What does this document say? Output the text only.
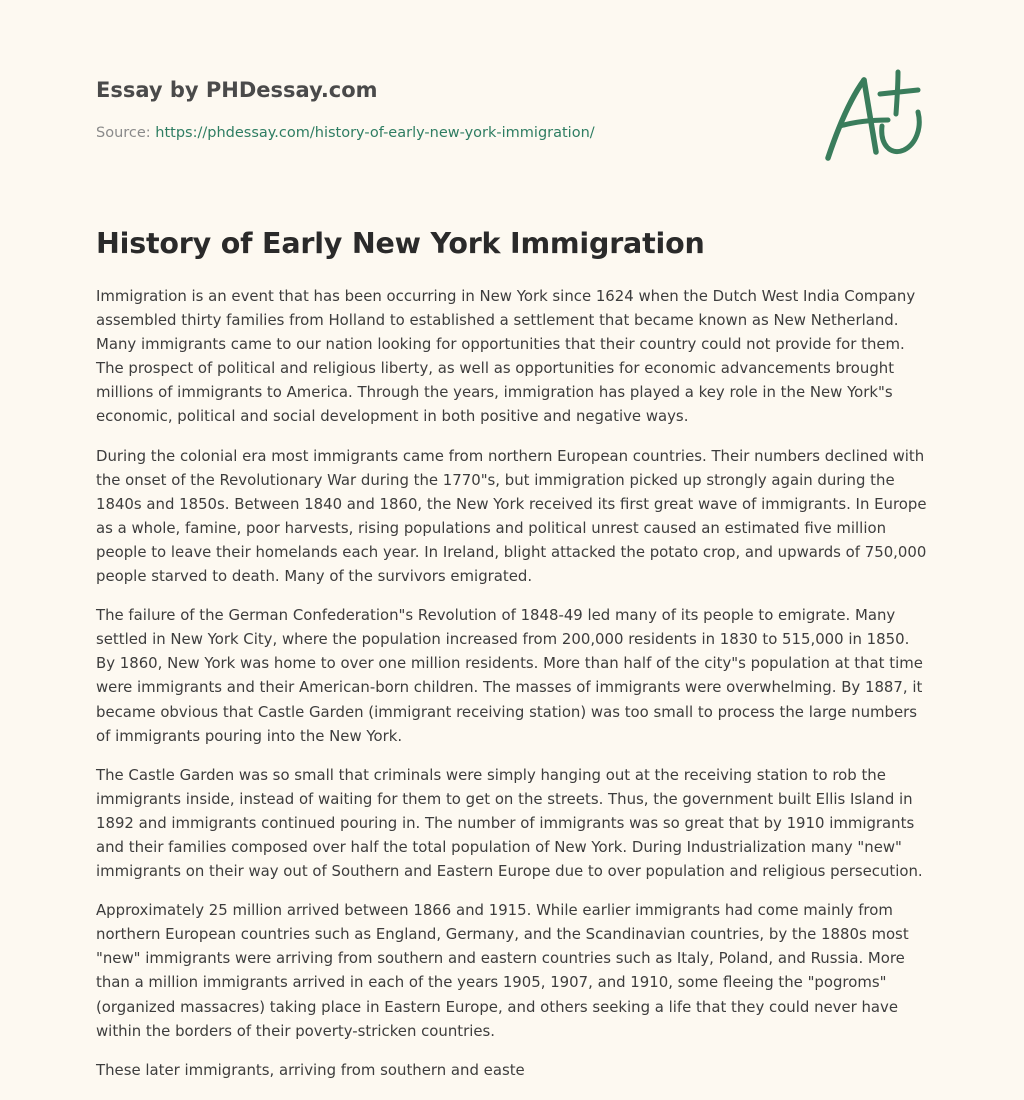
Essay by PHDessay.com
Source: https://phdessay.com/history-of-early-new-york-immigration/
History of Early New York Immigration

Immigration is an event that has been occurring in New York since 1624 when the Dutch West India Company assembled thirty families from Holland to established a settlement that became known as New Netherland. Many immigrants came to our nation looking for opportunities that their country could not provide for them. The prospect of political and religious liberty, as well as opportunities for economic advancements brought millions of immigrants to America. Through the years, immigration has played a key role in the New York"s economic, political and social development in both positive and negative ways.

During the colonial era most immigrants came from northern European countries. Their numbers declined with the onset of the Revolutionary War during the 1770"s, but immigration picked up strongly again during the 1840s and 1850s. Between 1840 and 1860, the New York received its first great wave of immigrants. In Europe as a whole, famine, poor harvests, rising populations and political unrest caused an estimated five million people to leave their homelands each year. In Ireland, blight attacked the potato crop, and upwards of 750,000 people starved to death. Many of the survivors emigrated.

The failure of the German Confederation"s Revolution of 1848-49 led many of its people to emigrate. Many settled in New York City, where the population increased from 200,000 residents in 1830 to 515,000 in 1850. By 1860, New York was home to over one million residents. More than half of the city"s population at that time were immigrants and their American-born children. The masses of immigrants were overwhelming. By 1887, it became obvious that Castle Garden (immigrant receiving station) was too small to process the large numbers of immigrants pouring into the New York.

The Castle Garden was so small that criminals were simply hanging out at the receiving station to rob the immigrants inside, instead of waiting for them to get on the streets. Thus, the government built Ellis Island in 1892 and immigrants continued pouring in. The number of immigrants was so great that by 1910 immigrants and their families composed over half the total population of New York. During Industrialization many "new" immigrants on their way out of Southern and Eastern Europe due to over population and religious persecution.

Approximately 25 million arrived between 1866 and 1915. While earlier immigrants had come mainly from northern European countries such as England, Germany, and the Scandinavian countries, by the 1880s most "new" immigrants were arriving from southern and eastern countries such as Italy, Poland, and Russia. More than a million immigrants arrived in each of the years 1905, 1907, and 1910, some fleeing the "pogroms" (organized massacres) taking place in Eastern Europe, and others seeking a life that they could never have within the borders of their poverty-stricken countries.

These later immigrants, arriving from southern and easte
